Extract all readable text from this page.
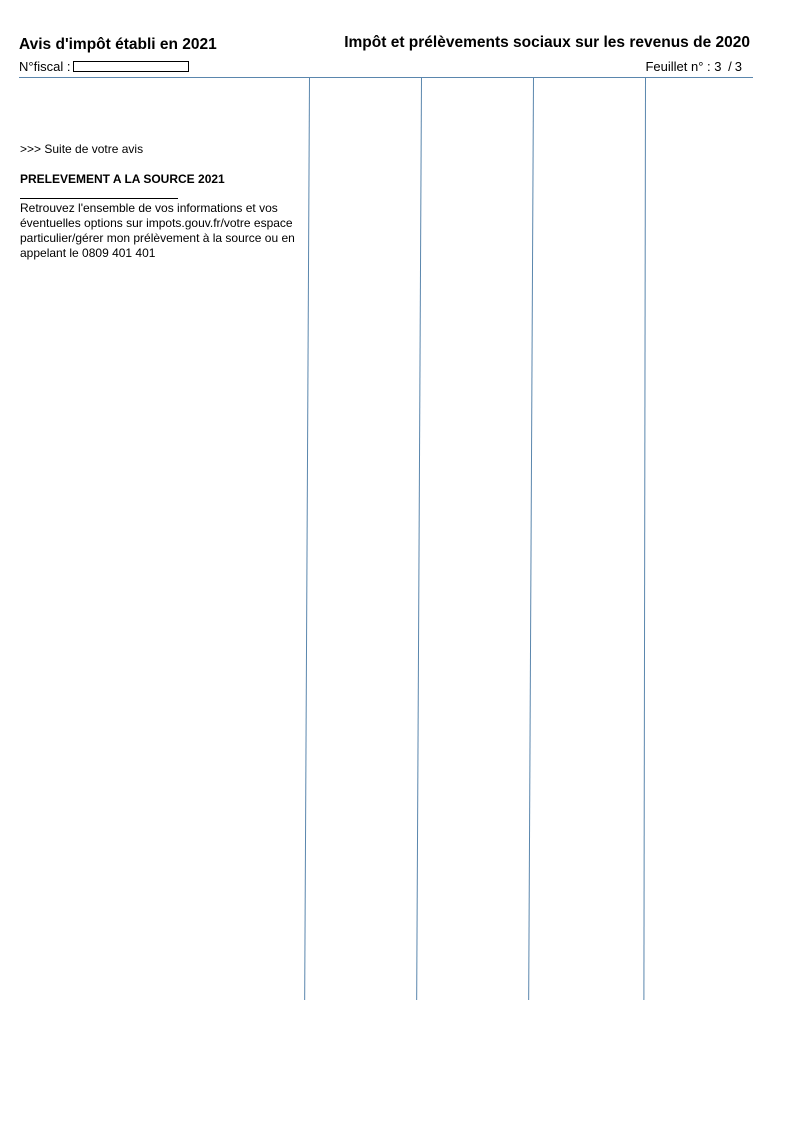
Avis d'impôt établi en 2021	Impôt et prélèvements sociaux sur les revenus de 2020
N°fiscal :	Feuillet n° : 3 / 3
>>> Suite de votre avis
PRELEVEMENT A LA SOURCE 2021
Retrouvez l'ensemble de vos informations et vos
éventuelles options sur impots.gouv.fr/votre espace
particulier/gérer mon prélèvement à la source ou en
appelant le 0809 401 401
